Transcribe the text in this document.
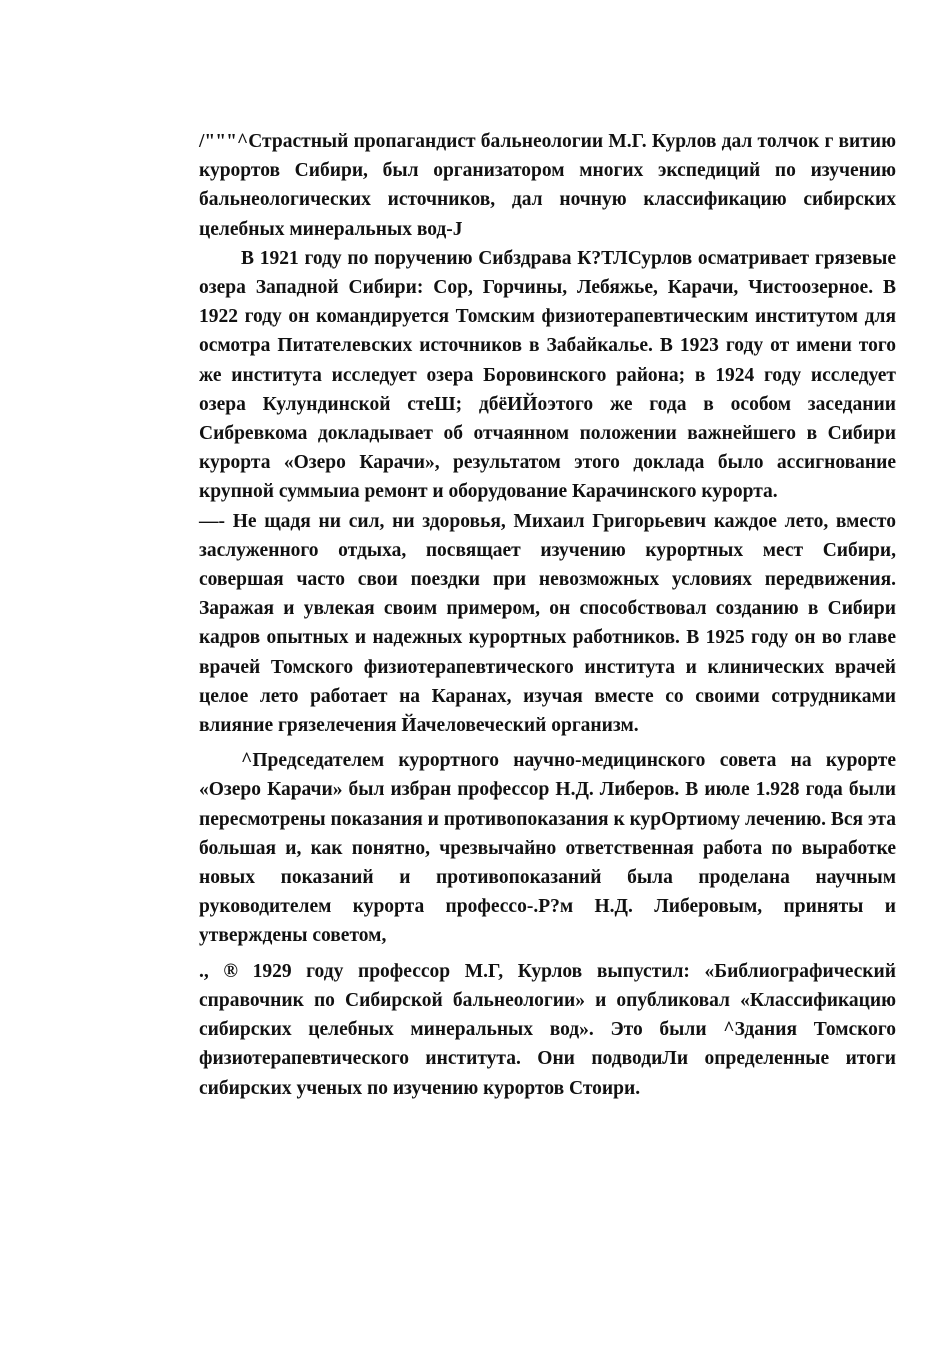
/"""^Страстный пропагандист бальнеологии М.Г. Курлов дал толчок г витию курортов Сибири, был организатором многих экспедиций по изучению бальнеологических источников, дал ночную классификацию сибирских целебных минеральных вод-J

В 1921 году по поручению Сибздрава К?ТЛСурлов осматривает грязевые озера Западной Сибири: Сор, Горчины, Лебяжье, Карачи, Чистоозерное. В 1922 году он командируется Томским физиотерапевтическим институтом для осмотра Питателевских источников в Забайкалье. В 1923 году от имени того же института исследует озера Боровинского района; в 1924 году исследует озера Кулундинской стеШ; дбёИЙоэтого же года в особом заседании Сибревкома докладывает об отчаянном положении важнейшего в Сибири курорта «Озеро Карачи», результатом этого доклада было ассигнование крупной суммыиа ремонт и оборудование Карачинского курорта.

—- Не щадя ни сил, ни здоровья, Михаил Григорьевич каждое лето, вместо заслуженного отдыха, посвящает изучению курортных мест Сибири, совершая часто свои поездки при невозможных условиях передвижения. Заражая и увлекая своим примером, он способствовал созданию в Сибири кадров опытных и надежных курортных работников. В 1925 году он во главе врачей Томского физиотерапевтического института и клинических врачей целое лето работает на Каранах, изучая вместе со своими сотрудниками влияние грязелечения Йачеловеческий организм.

^Председателем курортного научно-медицинского совета на курорте «Озеро Карачи» был избран профессор Н.Д. Либеров. В июле 1.928 года были пересмотрены показания и противопоказания к курОртиому лечению. Вся эта большая и, как понятно, чрезвычайно ответственная работа по выработке новых показаний и противопоказаний была проделана научным руководителем курорта профессо-.Р?м Н.Д. Либеровым, приняты и утверждены советом,

., ® 1929 году профессор М.Г, Курлов выпустил: «Библиографический справочник по Сибирской бальнеологии» и опубликовал «Классификацию сибирских целебных минеральных вод». Это были ^Здания Томского физиотерапевтического института. Они подводиЛи определенные итоги сибирских ученых по изучению курортов Стоири.
